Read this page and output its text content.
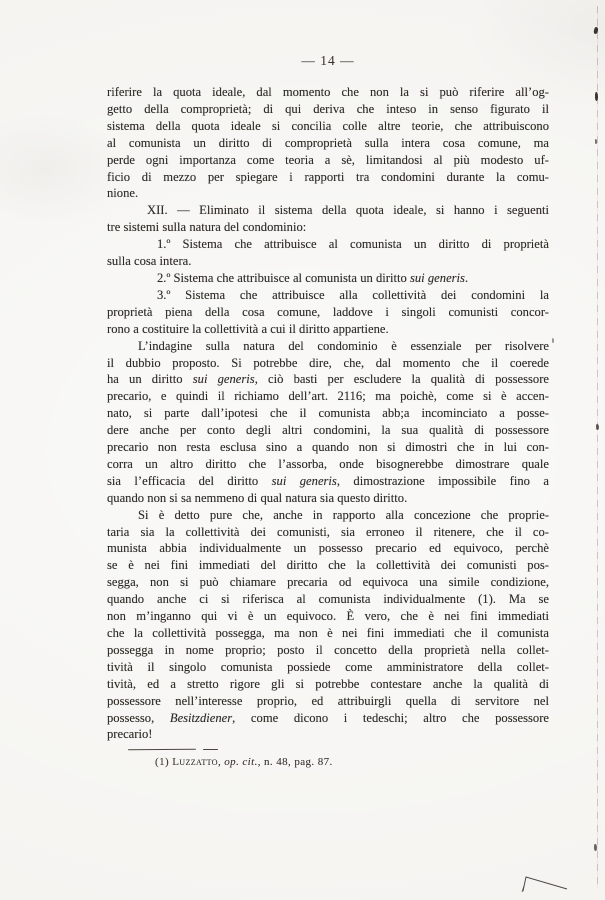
— 14 —
riferire la quota ideale, dal momento che non la si può riferire all’og-
getto della comproprietà; di qui deriva che inteso in senso figurato il
sistema della quota ideale si concilia colle altre teorie, che attribuiscono
al comunista un diritto di comproprietà sulla intera cosa comune, ma
perde ogni importanza come teoria a sè, limitandosi al più modesto uf-
ficio di mezzo per spiegare i rapporti tra condomini durante la comu-
nione.
XII. — Eliminato il sistema della quota ideale, si hanno i seguenti
tre sistemi sulla natura del condominio:
1.º Sistema che attribuisce al comunista un diritto di proprietà
sulla cosa intera.
2.º Sistema che attribuisce al comunista un diritto sui generis.
3.º Sistema che attribuisce alla collettività dei condomini la
proprietà piena della cosa comune, laddove i singoli comunisti concor-
rono a costituire la collettività a cui il diritto appartiene.
L’indagine sulla natura del condominio è essenziale per risolvere
il dubbio proposto. Si potrebbe dire, che, dal momento che il coerede
ha un diritto sui generis, ciò basti per escludere la qualità di possessore
precario, e quindi il richiamo dell’art. 2116; ma poichè, come si è accen-
nato, si parte dall’ipotesi che il comunista abb;a incominciato a posse-
dere anche per conto degli altri condomini, la sua qualità di possessore
precario non resta esclusa sino a quando non si dimostri che in lui con-
corra un altro diritto che l’assorba, onde bisognerebbe dimostrare quale
sia l’efficacia del diritto sui generis, dimostrazione impossibile fino a
quando non si sa nemmeno di qual natura sia questo diritto.
Si è detto pure che, anche in rapporto alla concezione che proprie-
taria sia la collettività dei comunisti, sia erroneo il ritenere, che il co-
munista abbia individualmente un possesso precario ed equivoco, perchè
se è nei fini immediati del diritto che la collettività dei comunisti pos-
segga, non si può chiamare precaria od equivoca una simile condizione,
quando anche ci si riferisca al comunista individualmente (1). Ma se
non m’inganno qui vi è un equivoco. È vero, che è nei fini immediati
che la collettività possegga, ma non è nei fini immediati che il comunista
possegga in nome proprio; posto il concetto della proprietà nella collet-
tività il singolo comunista possiede come amministratore della collet-
tività, ed a stretto rigore gli si potrebbe contestare anche la qualità di
possessore nell’interesse proprio, ed attribuirgli quella di servitore nel
possesso, Besitzdiener, come dicono i tedeschi; altro che possessore
precario!
(1) Luzzatto, op. cit., n. 48, pag. 87.
